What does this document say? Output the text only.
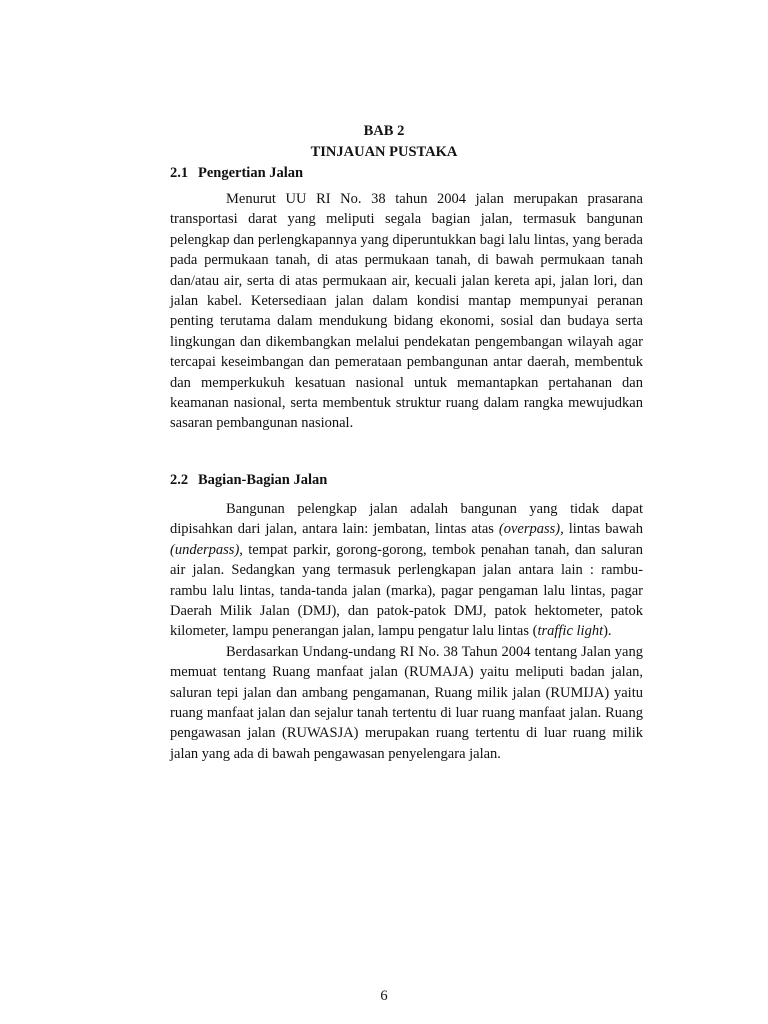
BAB 2
TINJAUAN PUSTAKA
2.1 Pengertian Jalan

Menurut UU RI No. 38 tahun 2004 jalan merupakan prasarana transportasi darat yang meliputi segala bagian jalan, termasuk bangunan pelengkap dan perlengkapannya yang diperuntukkan bagi lalu lintas, yang berada pada permukaan tanah, di atas permukaan tanah, di bawah permukaan tanah dan/atau air, serta di atas permukaan air, kecuali jalan kereta api, jalan lori, dan jalan kabel. Ketersediaan jalan dalam kondisi mantap mempunyai peranan penting terutama dalam mendukung bidang ekonomi, sosial dan budaya serta lingkungan dan dikembangkan melalui pendekatan pengembangan wilayah agar tercapai keseimbangan dan pemerataan pembangunan antar daerah, membentuk dan memperkukuh kesatuan nasional untuk memantapkan pertahanan dan keamanan nasional, serta membentuk struktur ruang dalam rangka mewujudkan sasaran pembangunan nasional.

2.2 Bagian-Bagian Jalan

Bangunan pelengkap jalan adalah bangunan yang tidak dapat dipisahkan dari jalan, antara lain: jembatan, lintas atas (overpass), lintas bawah (underpass), tempat parkir, gorong-gorong, tembok penahan tanah, dan saluran air jalan. Sedangkan yang termasuk perlengkapan jalan antara lain : rambu-rambu lalu lintas, tanda-tanda jalan (marka), pagar pengaman lalu lintas, pagar Daerah Milik Jalan (DMJ), dan patok-patok DMJ, patok hektometer, patok kilometer, lampu penerangan jalan, lampu pengatur lalu lintas (traffic light).

Berdasarkan Undang-undang RI No. 38 Tahun 2004 tentang Jalan yang memuat tentang Ruang manfaat jalan (RUMAJA) yaitu meliputi badan jalan, saluran tepi jalan dan ambang pengamanan, Ruang milik jalan (RUMIJA) yaitu ruang manfaat jalan dan sejalur tanah tertentu di luar ruang manfaat jalan. Ruang pengawasan jalan (RUWASJA) merupakan ruang tertentu di luar ruang milik jalan yang ada di bawah pengawasan penyelengara jalan.

6
